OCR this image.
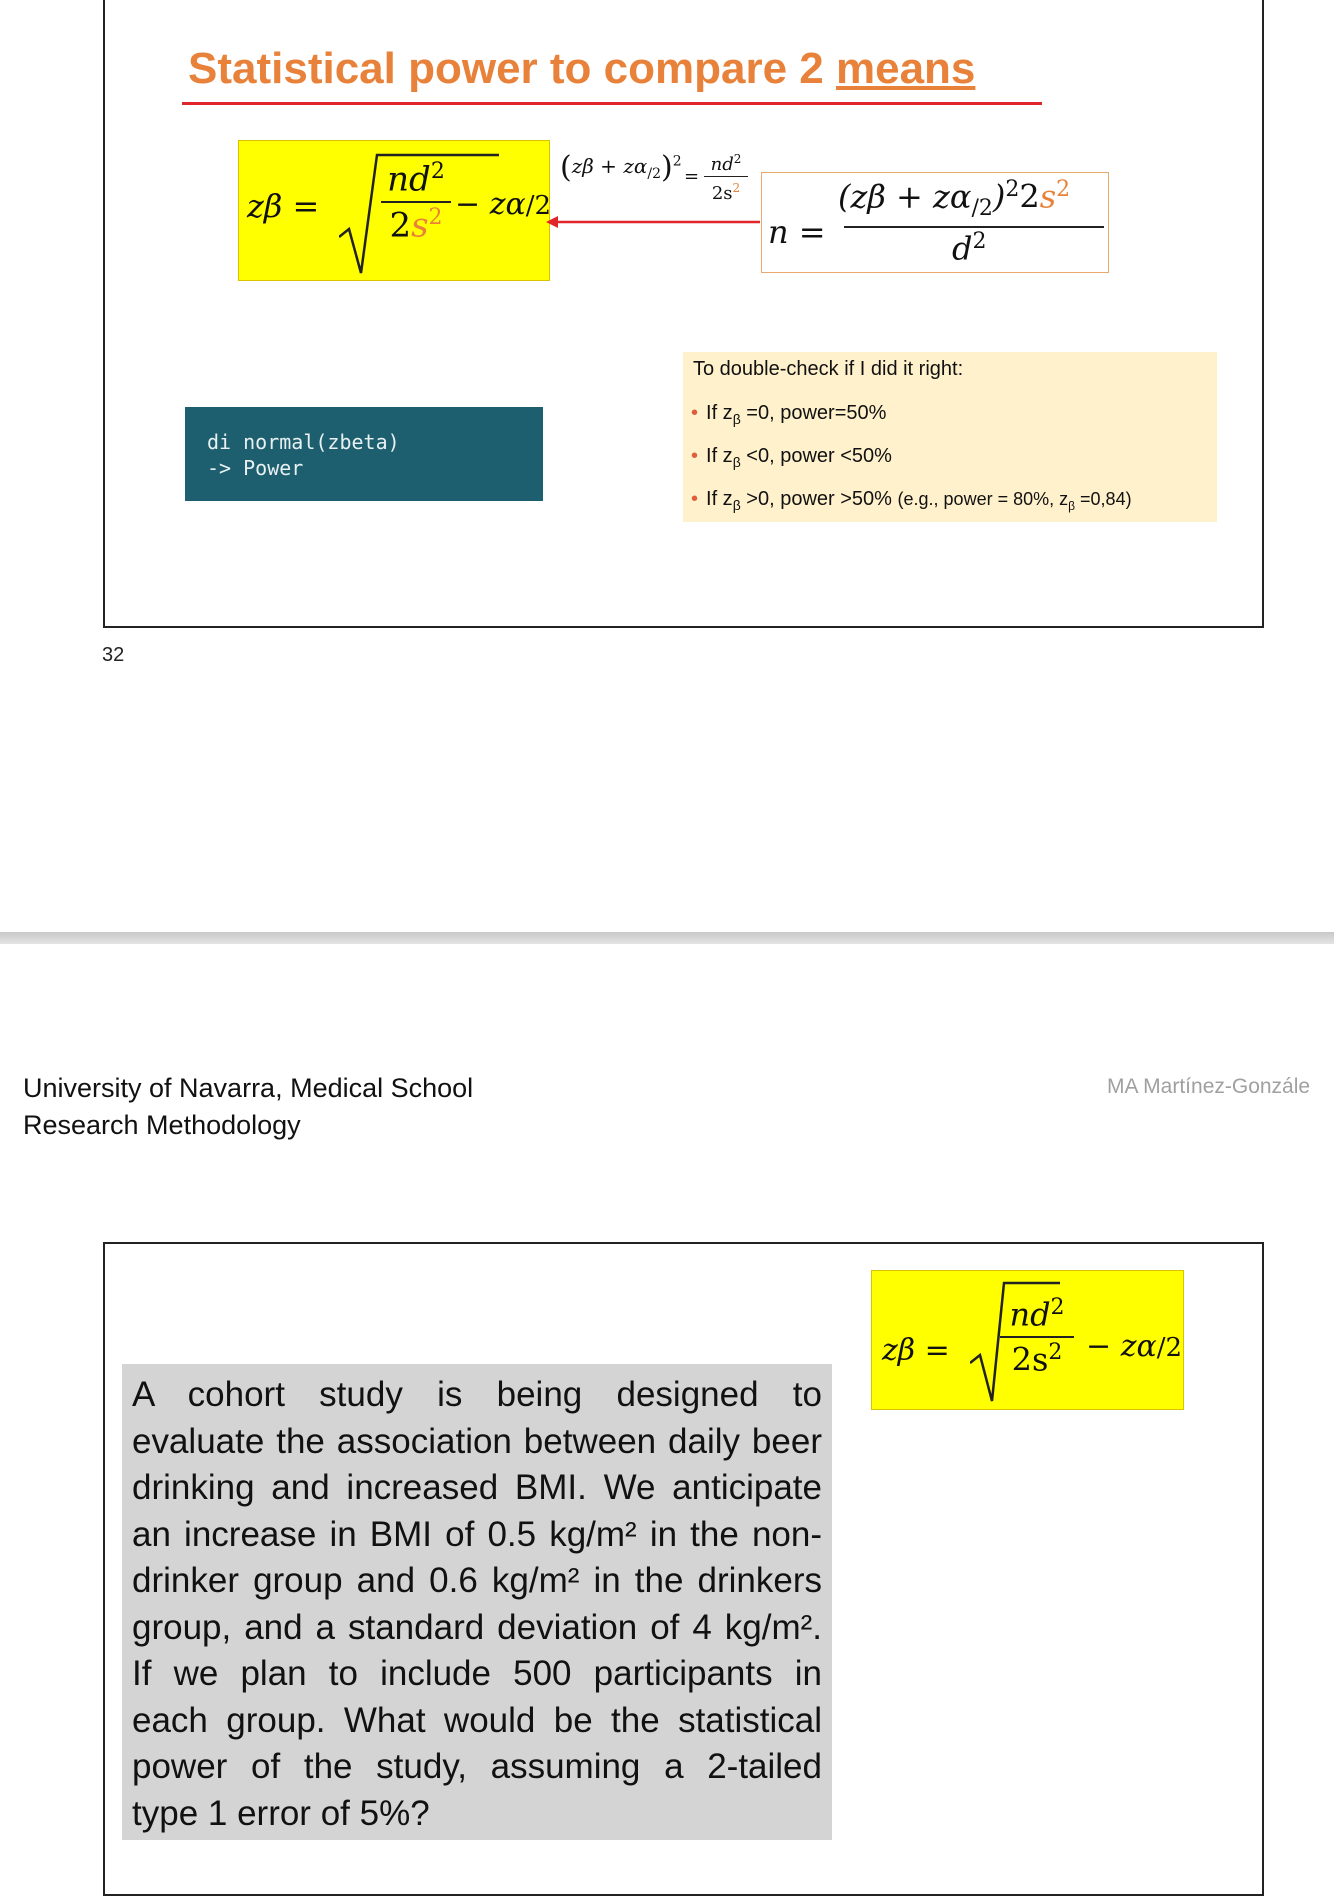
Statistical power to compare 2 means
zβ =
$nd^2$
$2s^2 - z\alpha/2$
$(z\beta + z\alpha_{/2})^2$
=
$nd^2$
$2s^2$
n =
$(z\beta + z\alpha_{/2})^22s^2$
$d^2$
di normal(zbeta)
-> Power
To double-check if I did it right:
• If $z_\beta =0$, power=50%
• If $z_\beta <0$, power <50%
• If $z_\beta >0$, power >50% (e.g., power = 80%, $z_\beta =0,84$)
32
University of Navarra, Medical School
Research Methodology
MA Martínez-Gonzále
zβ =
$nd^2$
$2s^2 - z\alpha/2$
A cohort study is being designed to
evaluate the association between daily beer
drinking and increased BMI. We anticipate
an increase in BMI of 0.5 kg/m² in the non-
drinker group and 0.6 kg/m² in the drinkers
group, and a standard deviation of 4 kg/m².
If we plan to include 500 participants in
each group. What would be the statistical
power of the study, assuming a 2-tailed
type 1 error of 5%?
